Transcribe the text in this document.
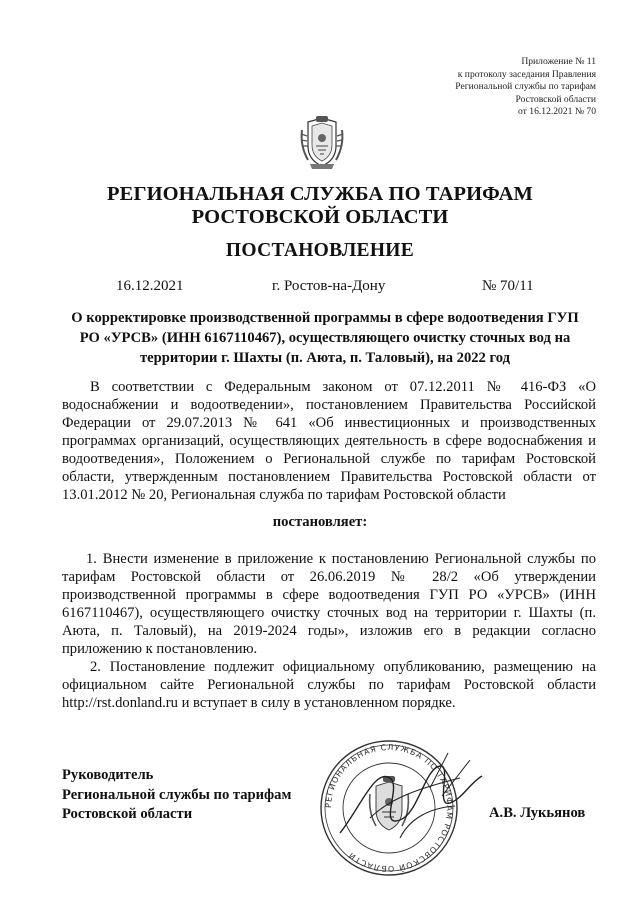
Приложение № 11
к протоколу заседания Правления
Региональной службы по тарифам
Ростовской области
от 16.12.2021 № 70
РЕГИОНАЛЬНАЯ СЛУЖБА ПО ТАРИФАМ
РОСТОВСКОЙ ОБЛАСТИ
ПОСТАНОВЛЕНИЕ
16.12.2021	г. Ростов-на-Дону	№ 70/11
О корректировке производственной программы в сфере водоотведения ГУП РО «УРСВ» (ИНН 6167110467), осуществляющего очистку сточных вод на территории г. Шахты (п. Аюта, п. Таловый), на 2022 год

В соответствии с Федеральным законом от 07.12.2011 № 416-ФЗ «О водоснабжении и водоотведении», постановлением Правительства Российской Федерации от 29.07.2013 № 641 «Об инвестиционных и производственных программах организаций, осуществляющих деятельность в сфере водоснабжения и водоотведения», Положением о Региональной службе по тарифам Ростовской области, утвержденным постановлением Правительства Ростовской области от 13.01.2012 № 20, Региональная служба по тарифам Ростовской области

постановляет:

1. Внести изменение в приложение к постановлению Региональной службы по тарифам Ростовской области от 26.06.2019 № 28/2 «Об утверждении производственной программы в сфере водоотведения ГУП РО «УРСВ» (ИНН 6167110467), осуществляющего очистку сточных вод на территории г. Шахты (п. Аюта, п. Таловый), на 2019-2024 годы», изложив его в редакции согласно приложению к постановлению.

2. Постановление подлежит официальному опубликованию, размещению на официальном сайте Региональной службы по тарифам Ростовской области http://rst.donland.ru и вступает в силу в установленном порядке.

Руководитель
Региональной службы по тарифам
Ростовской области
РЕГИОНАЛЬНАЯ СЛУЖБА ПО ТАРИФАМ РОСТОВСКОЙ ОБЛАСТИ
А.В. Лукьянов
